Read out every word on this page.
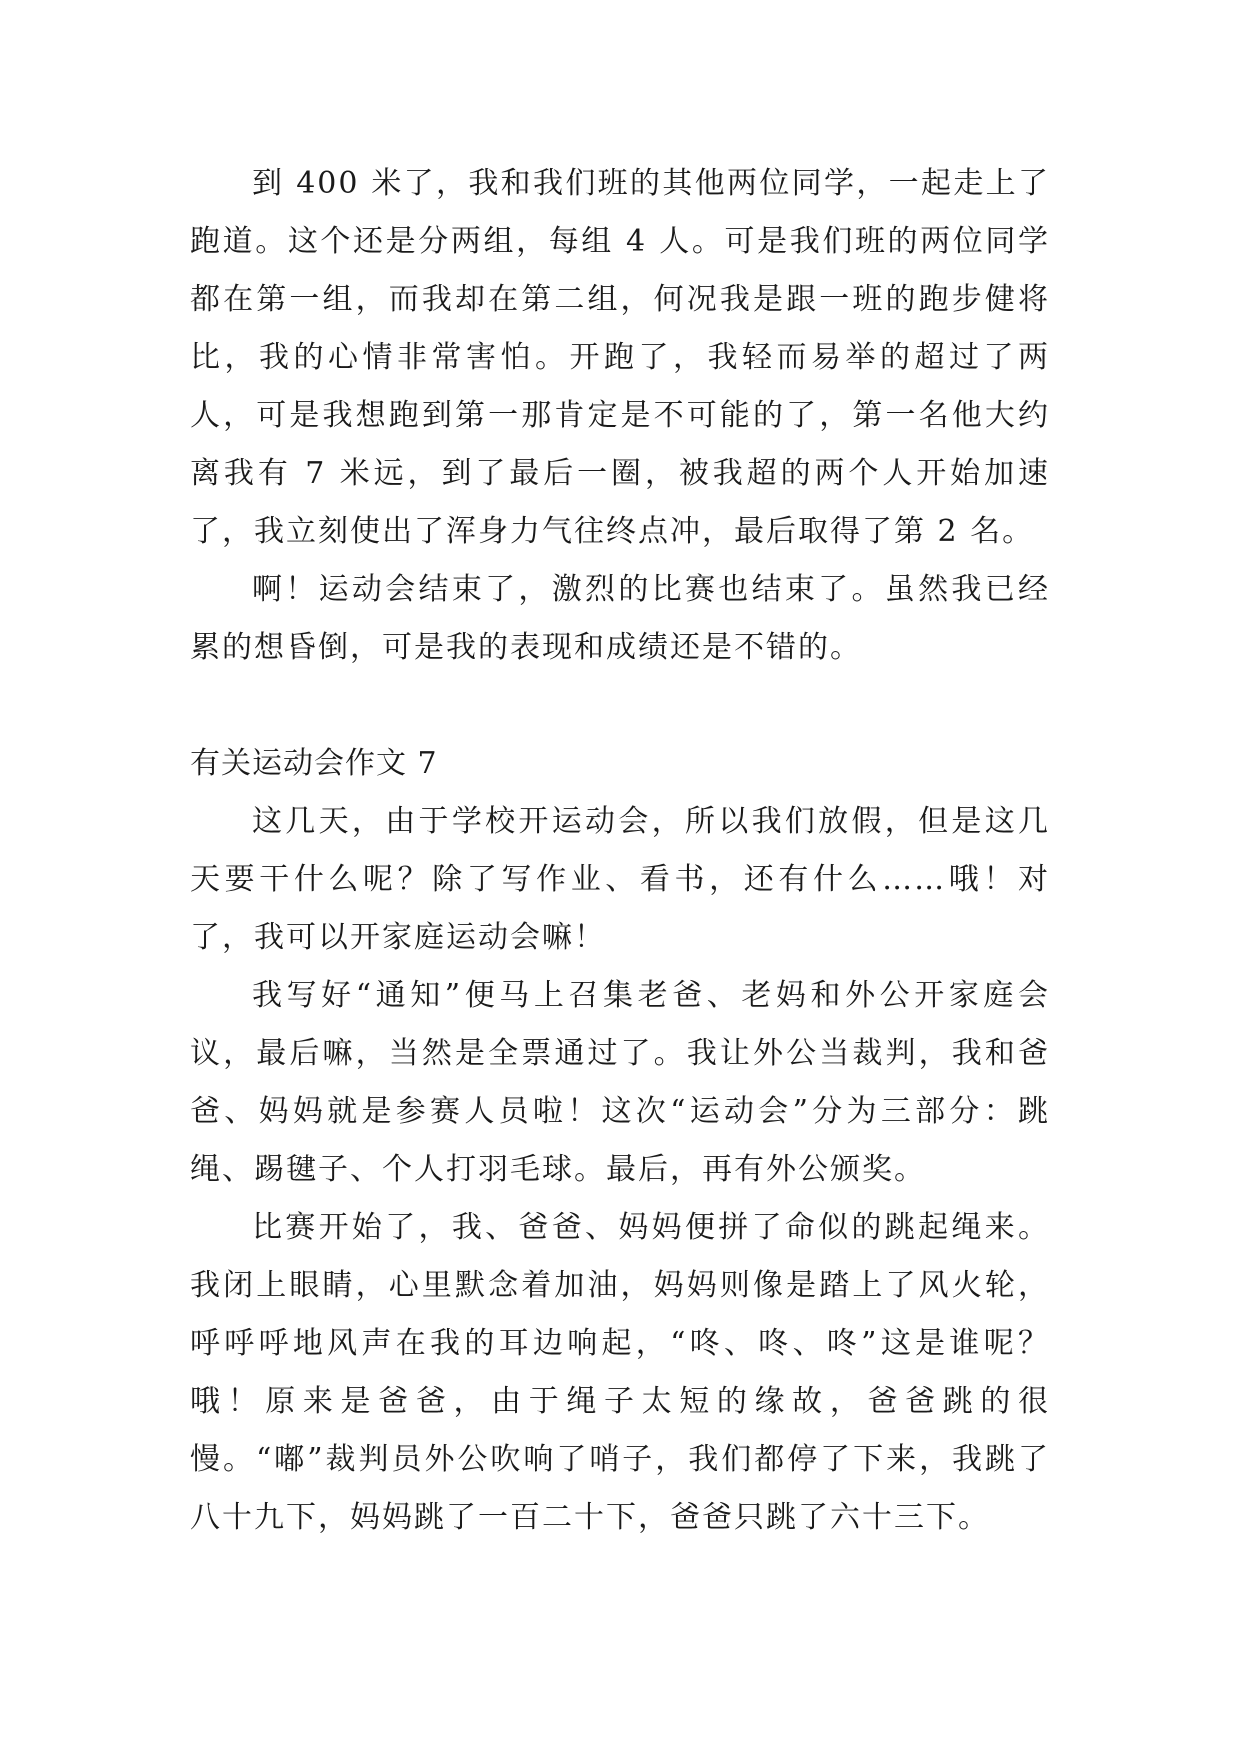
到 400 米了，我和我们班的其他两位同学，一起走上了跑道。这个还是分两组，每组 4 人。可是我们班的两位同学都在第一组，而我却在第二组，何况我是跟一班的跑步健将比，我的心情非常害怕。开跑了，我轻而易举的超过了两人，可是我想跑到第一那肯定是不可能的了，第一名他大约离我有 7 米远，到了最后一圈，被我超的两个人开始加速了，我立刻使出了浑身力气往终点冲，最后取得了第 2 名。

啊！运动会结束了，激烈的比赛也结束了。虽然我已经累的想昏倒，可是我的表现和成绩还是不错的。

有关运动会作文 7

这几天，由于学校开运动会，所以我们放假，但是这几天要干什么呢？除了写作业、看书，还有什么……哦！对了，我可以开家庭运动会嘛！

我写好“通知”便马上召集老爸、老妈和外公开家庭会议，最后嘛，当然是全票通过了。我让外公当裁判，我和爸爸、妈妈就是参赛人员啦！这次“运动会”分为三部分：跳绳、踢毽子、个人打羽毛球。最后，再有外公颁奖。

比赛开始了，我、爸爸、妈妈便拼了命似的跳起绳来。我闭上眼睛，心里默念着加油，妈妈则像是踏上了风火轮，呼呼呼地风声在我的耳边响起，“咚、咚、咚”这是谁呢？哦！原来是爸爸，由于绳子太短的缘故，爸爸跳的很慢。“嘟”裁判员外公吹响了哨子，我们都停了下来，我跳了八十九下，妈妈跳了一百二十下，爸爸只跳了六十三下。
